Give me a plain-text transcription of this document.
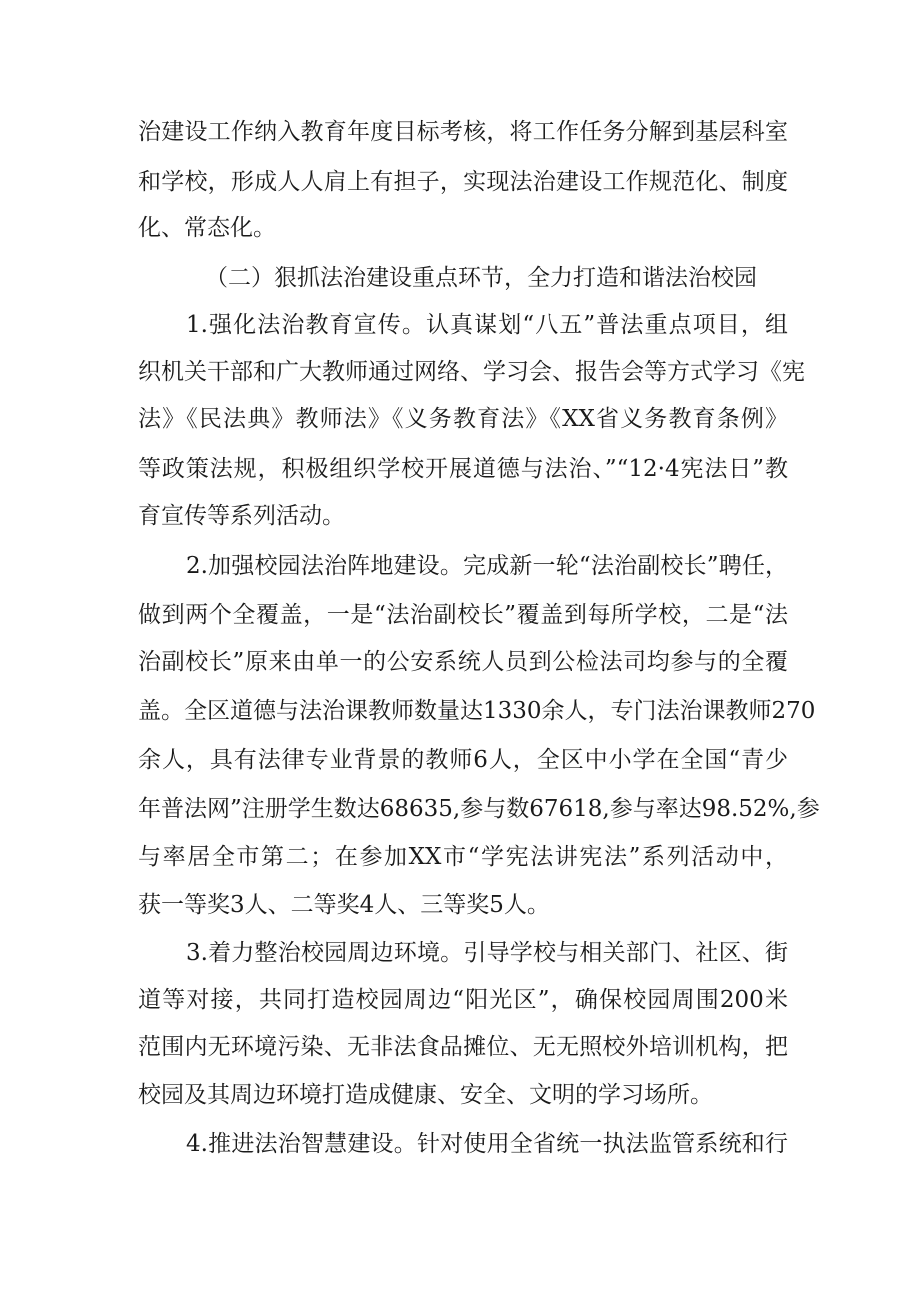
治建设工作纳入教育年度目标考核，将工作任务分解到基层科室
和学校，形成人人肩上有担子，实现法治建设工作规范化、制度
化、常态化。
（二）狠抓法治建设重点环节，全力打造和谐法治校园
1.强化法治教育宣传。认真谋划“八五”普法重点项目，组
织机关干部和广大教师通过网络、学习会、报告会等方式学习《宪
法》《民法典》教师法》《义务教育法》《XX省义务教育条例》
等政策法规，积极组织学校开展道德与法治、”“12·4宪法日”教
育宣传等系列活动。
2.加强校园法治阵地建设。完成新一轮“法治副校长”聘任，
做到两个全覆盖，一是“法治副校长”覆盖到每所学校，二是“法
治副校长”原来由单一的公安系统人员到公检法司均参与的全覆
盖。全区道德与法治课教师数量达1330余人，专门法治课教师270
余人，具有法律专业背景的教师6人，全区中小学在全国“青少
年普法网”注册学生数达68635,参与数67618,参与率达98.52%,参
与率居全市第二；在参加XX市“学宪法讲宪法”系列活动中，
获一等奖3人、二等奖4人、三等奖5人。
3.着力整治校园周边环境。引导学校与相关部门、社区、街
道等对接，共同打造校园周边“阳光区”，确保校园周围200米
范围内无环境污染、无非法食品摊位、无无照校外培训机构，把
校园及其周边环境打造成健康、安全、文明的学习场所。
4.推进法治智慧建设。针对使用全省统一执法监管系统和行
